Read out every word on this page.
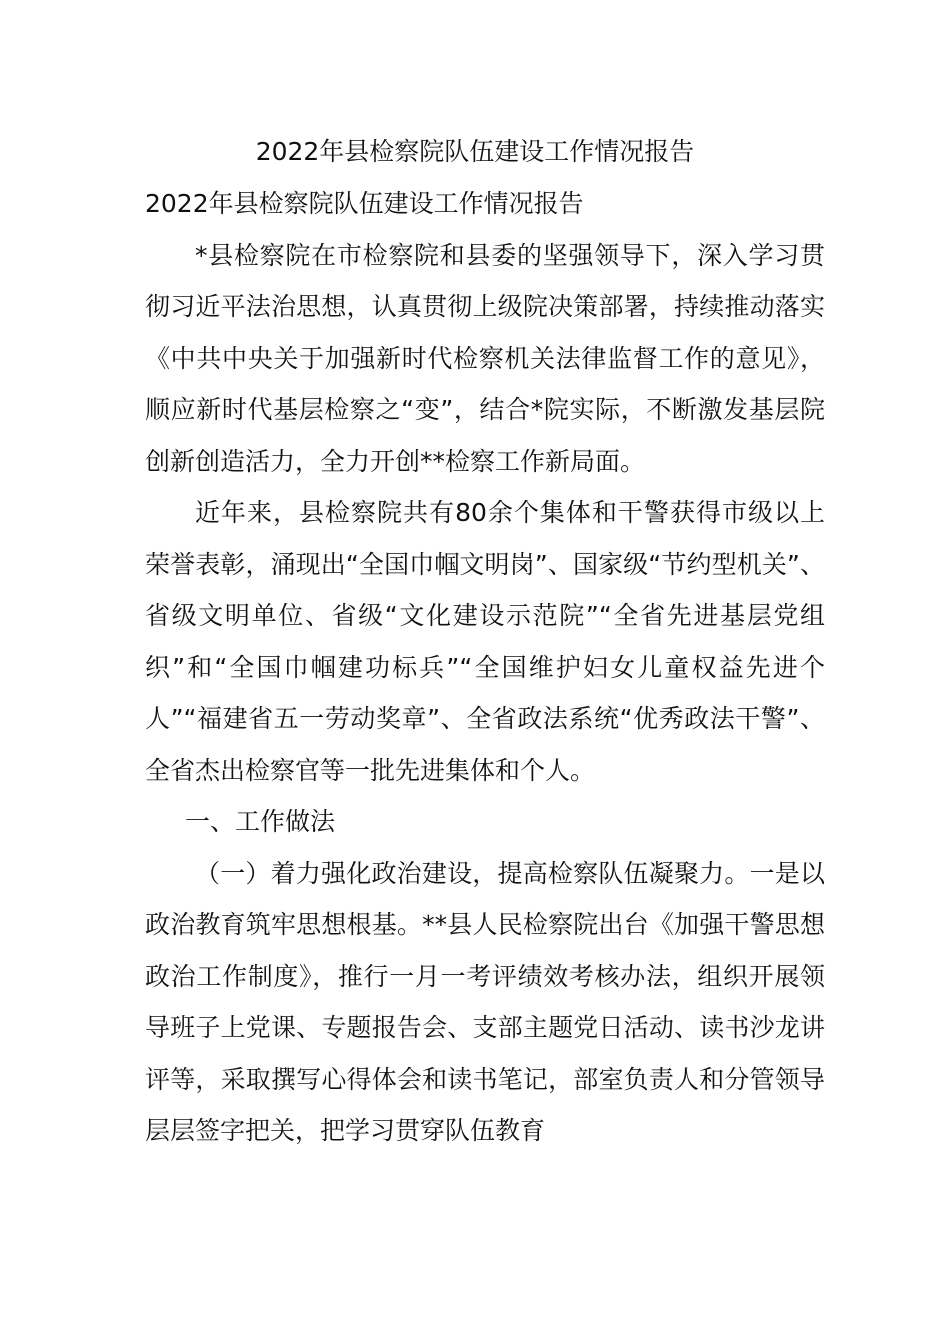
2022年县检察院队伍建设工作情况报告

2022年县检察院队伍建设工作情况报告

*县检察院在市检察院和县委的坚强领导下，深入学习贯彻习近平法治思想，认真贯彻上级院决策部署，持续推动落实《中共中央关于加强新时代检察机关法律监督工作的意见》，顺应新时代基层检察之“变”，结合*院实际，不断激发基层院创新创造活力，全力开创**检察工作新局面。

近年来，县检察院共有80余个集体和干警获得市级以上荣誉表彰，涌现出“全国巾帼文明岗”、国家级“节约型机关”、省级文明单位、省级“文化建设示范院”“全省先进基层党组织”和“全国巾帼建功标兵”“全国维护妇女儿童权益先进个人”“福建省五一劳动奖章”、全省政法系统“优秀政法干警”、全省杰出检察官等一批先进集体和个人。

一、工作做法

（一）着力强化政治建设，提高检察队伍凝聚力。一是以政治教育筑牢思想根基。**县人民检察院出台《加强干警思想政治工作制度》，推行一月一考评绩效考核办法，组织开展领导班子上党课、专题报告会、支部主题党日活动、读书沙龙讲评等，采取撰写心得体会和读书笔记，部室负责人和分管领导层层签字把关，把学习贯穿队伍教育
